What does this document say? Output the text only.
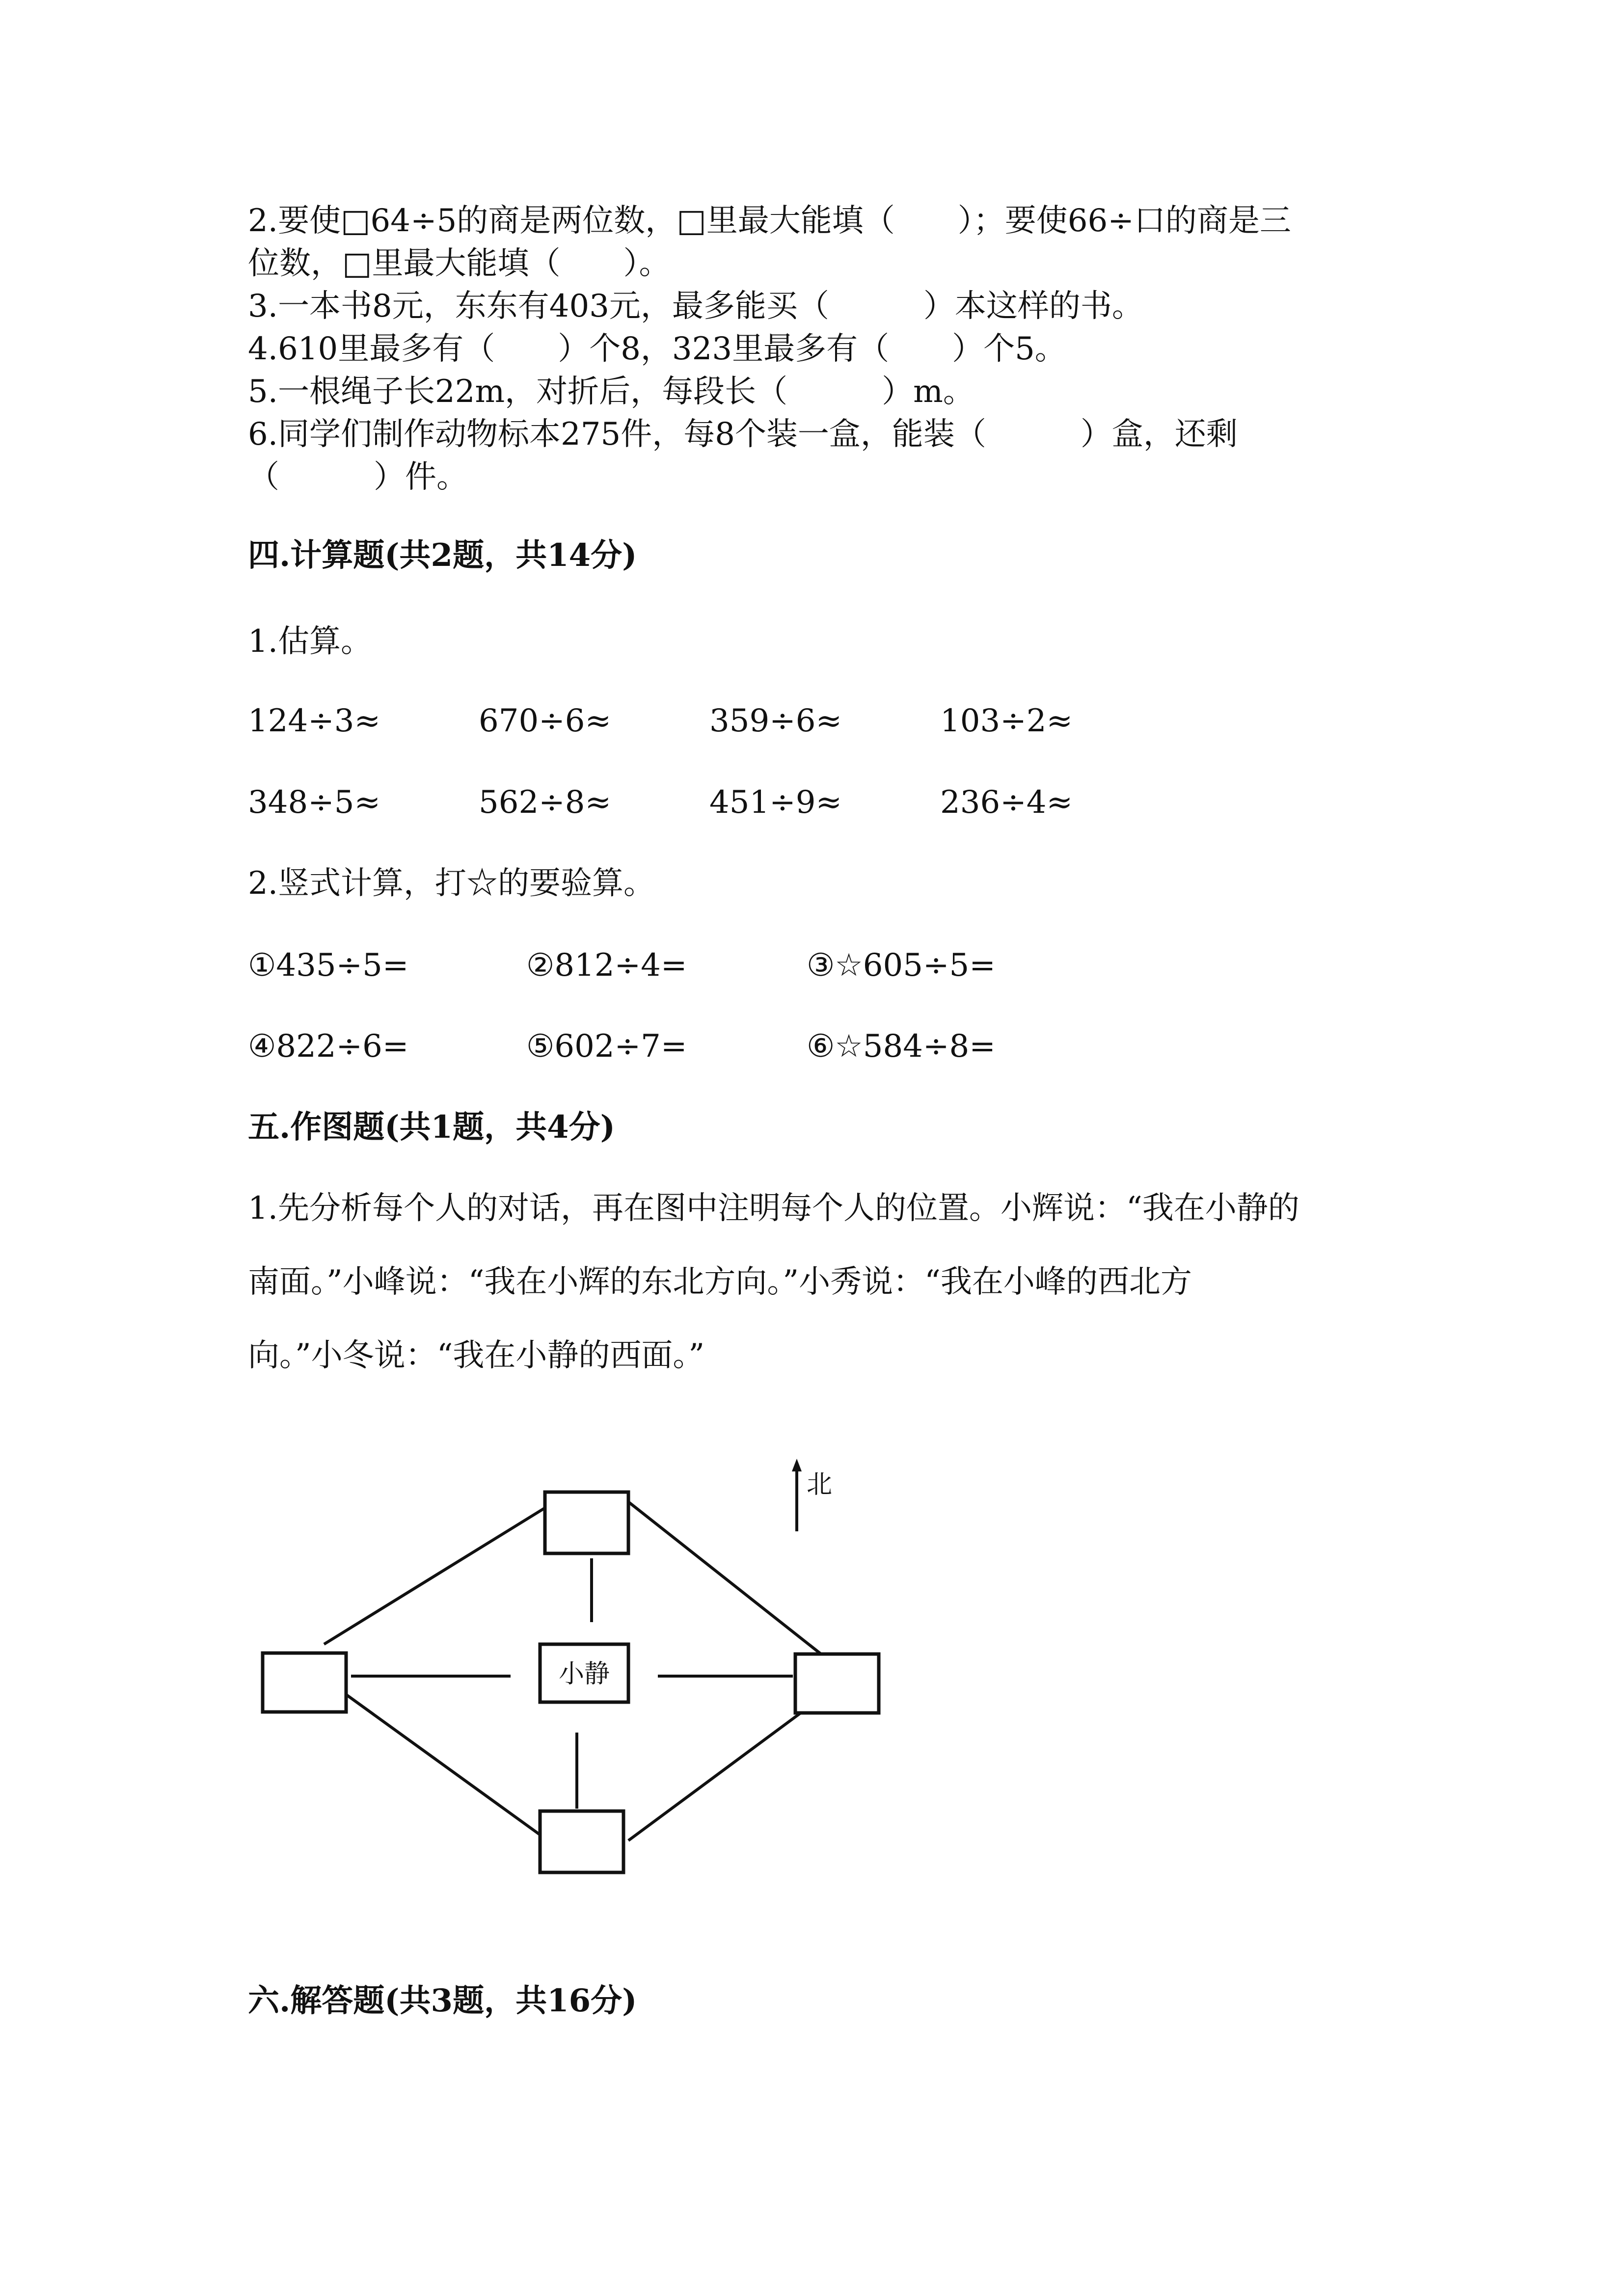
2.要使□64÷5的商是两位数，□里最大能填（　　）；要使66÷口的商是三
位数，□里最大能填（　　）。
3.一本书8元，东东有403元，最多能买（　　　）本这样的书。
4.610里最多有（　　）个8，323里最多有（　　）个5。
5.一根绳子长22m，对折后，每段长（　　　）m。
6.同学们制作动物标本275件，每8个装一盒，能装（　　　）盒，还剩
（　　　）件。
四.计算题(共2题，共14分)
1.估算。
124÷3≈	670÷6≈	359÷6≈	103÷2≈
348÷5≈	562÷8≈	451÷9≈	236÷4≈
2.竖式计算，打☆的要验算。
①435÷5=	②812÷4=	③☆605÷5=
④822÷6=	⑤602÷7=	⑥☆584÷8=
五.作图题(共1题，共4分)
1.先分析每个人的对话，再在图中注明每个人的位置。小辉说：“我在小静的
南面。”小峰说：“我在小辉的东北方向。”小秀说：“我在小峰的西北方
向。”小冬说：“我在小静的西面。”
小静
北
六.解答题(共3题，共16分)
